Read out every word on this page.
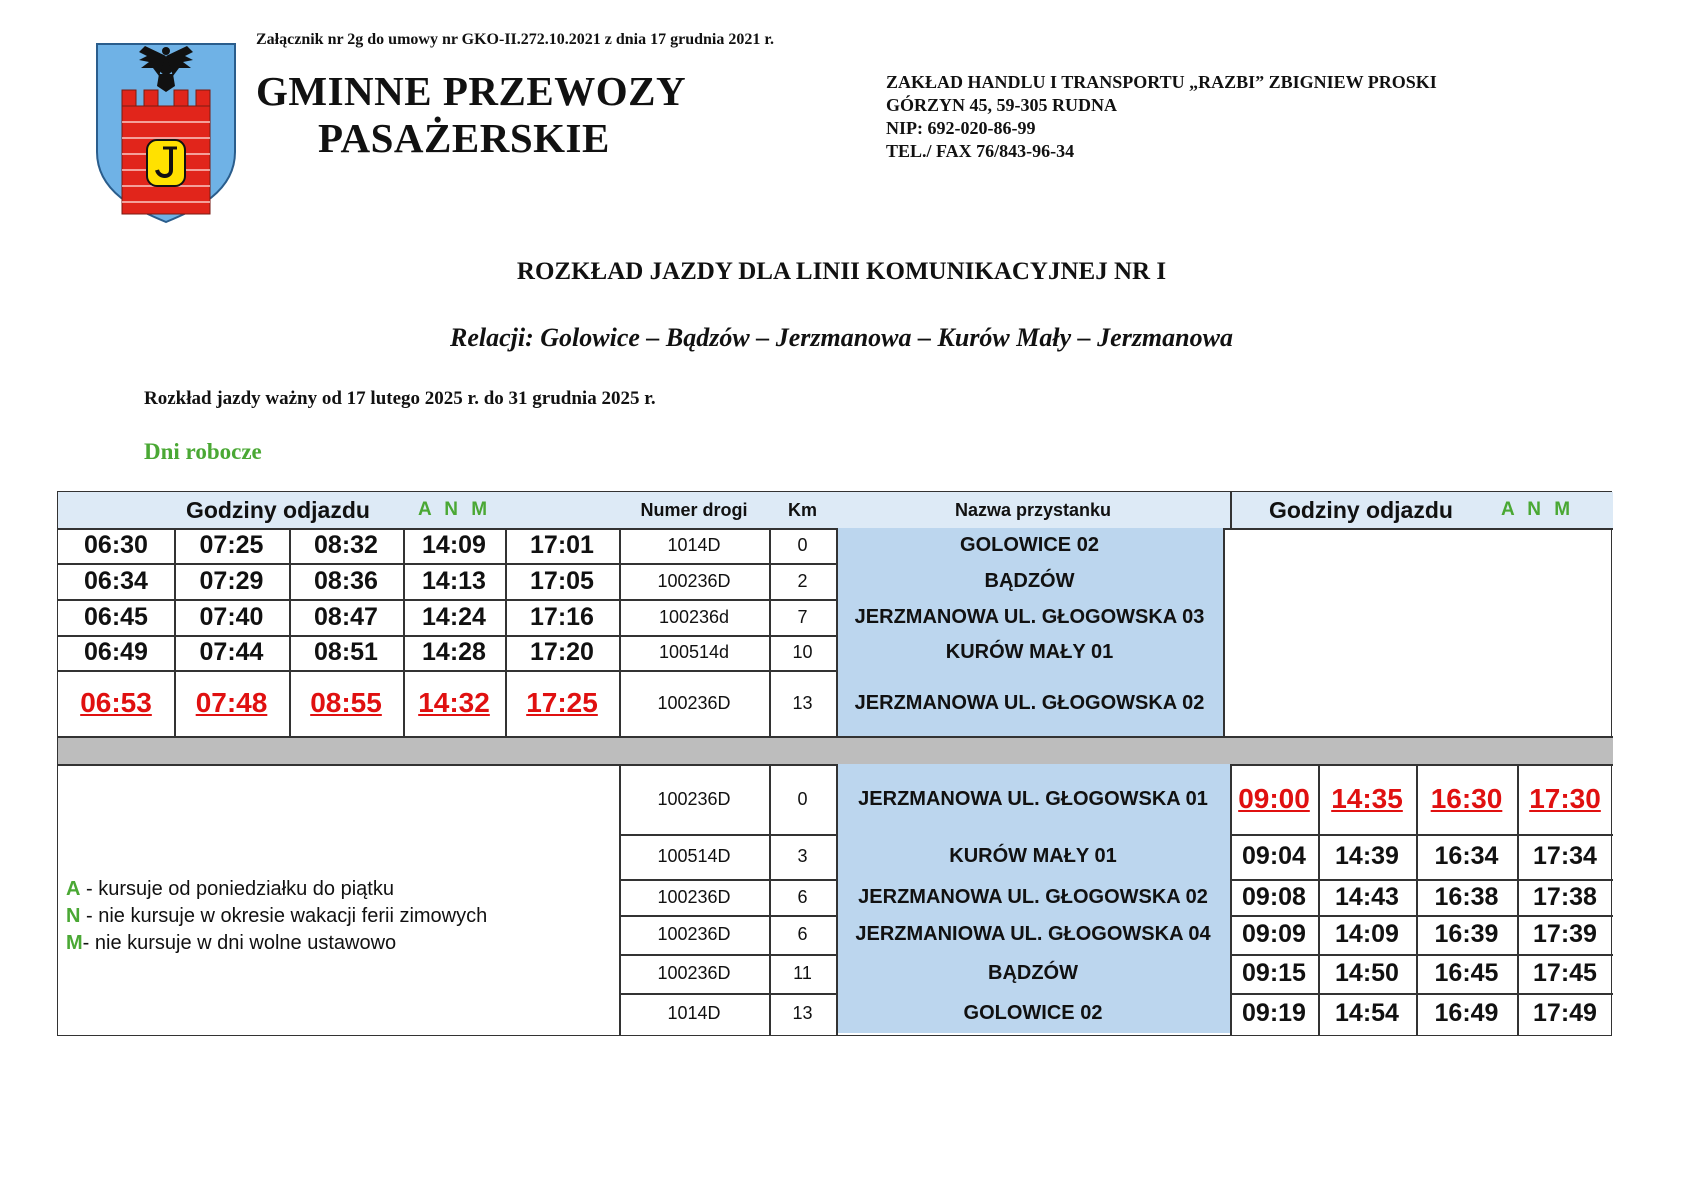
Załącznik nr 2g do umowy nr GKO-II.272.10.2021 z dnia 17 grudnia 2021 r.
GMINNE PRZEWOZY
PASAŻERSKIE
ZAKŁAD HANDLU I TRANSPORTU „RAZBI” ZBIGNIEW PROSKI
GÓRZYN 45, 59-305 RUDNA
NIP: 692-020-86-99
TEL./ FAX 76/843-96-34
ROZKŁAD JAZDY DLA LINII KOMUNIKACYJNEJ NR I
Relacji: Golowice – Bądzów – Jerzmanowa – Kurów Mały – Jerzmanowa
Rozkład jazdy ważny od 17 lutego 2025 r. do 31 grudnia 2025 r.
Dni robocze
Godziny odjazdu	A N M	Numer drogi Km	Nazwa przystanku	Godziny odjazdu	A N M
06:30 07:25 08:32 14:09 17:01	1014D	0	GOLOWICE 02
06:34 07:29 08:36 14:13 17:05	100236D	2	BĄDZÓW
06:45 07:40 08:47 14:24 17:16	100236d	7 JERZMANOWA UL. GŁOGOWSKA 03
06:49 07:44 08:51 14:28 17:20	100514d	10	KURÓW MAŁY 01
06:53 07:48 08:55 14:32 17:25	100236D	13 JERZMANOWA UL. GŁOGOWSKA 02
100236D	0	JERZMANOWA UL. GŁOGOWSKA 01 09:00 14:35 16:30 17:30
100514D	3	KURÓW MAŁY 01	09:04 14:39 16:34 17:34
100236D	6	JERZMANOWA UL. GŁOGOWSKA 02 09:08 14:43 16:38 17:38
100236D	6 JERZMANIOWA UL. GŁOGOWSKA 04 09:09 14:09 16:39 17:39
100236D	11	BĄDZÓW	09:15 14:50 16:45 17:45
1014D	13	GOLOWICE 02	09:19 14:54 16:49 17:49
A - kursuje od poniedziałku do piątku
N - nie kursuje w okresie wakacji ferii zimowych
M- nie kursuje w dni wolne ustawowo
